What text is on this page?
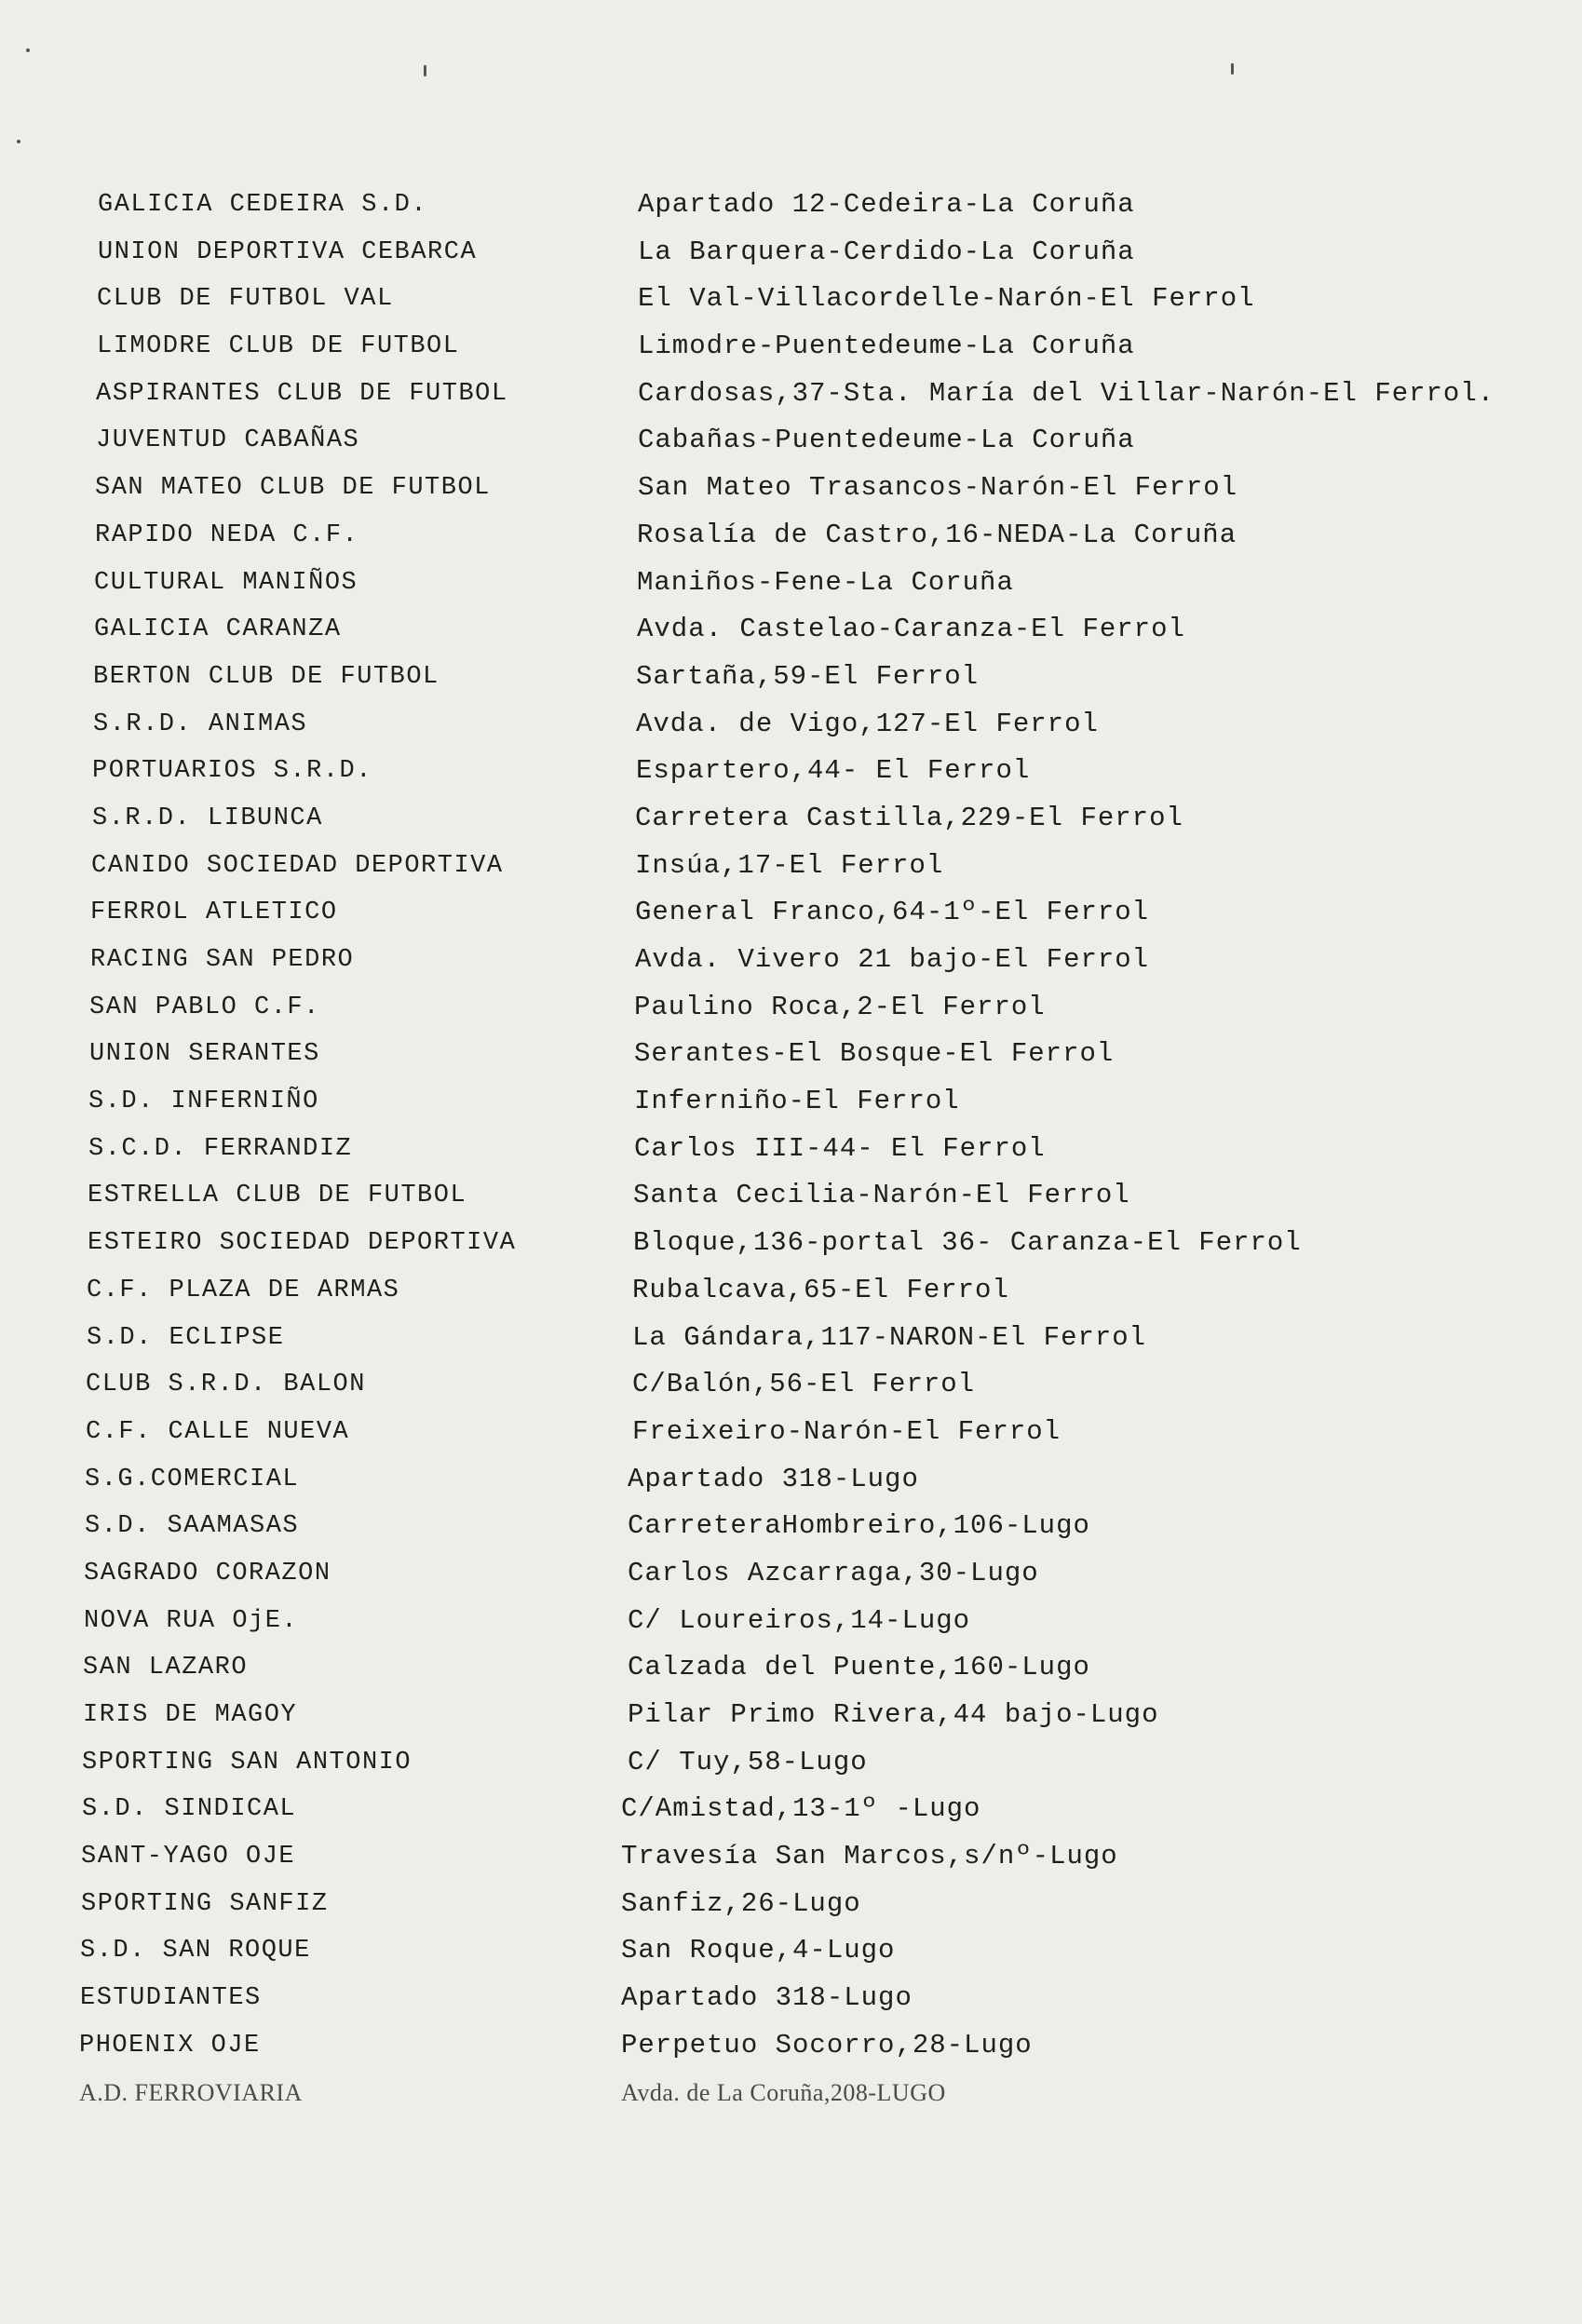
GALICIA CEDEIRA S.D.	Apartado 12-Cedeira-La Coruña
UNION DEPORTIVA CEBARCA	La Barquera-Cerdido-La Coruña
CLUB DE FUTBOL VAL	El Val-Villacordelle-Narón-El Ferrol
LIMODRE CLUB DE FUTBOL	Limodre-Puentedeume-La Coruña
ASPIRANTES CLUB DE FUTBOL	Cardosas,37-Sta. María del Villar-Narón-El Ferrol.
JUVENTUD CABAÑAS	Cabañas-Puentedeume-La Coruña
SAN MATEO CLUB DE FUTBOL	San Mateo Trasancos-Narón-El Ferrol
RAPIDO NEDA C.F.	Rosalía de Castro,16-NEDA-La Coruña
CULTURAL MANIÑOS	Maniños-Fene-La Coruña
GALICIA CARANZA	Avda. Castelao-Caranza-El Ferrol
BERTON CLUB DE FUTBOL	Sartaña,59-El Ferrol
S.R.D. ANIMAS	Avda. de Vigo,127-El Ferrol
PORTUARIOS S.R.D.	Espartero,44- El Ferrol
S.R.D. LIBUNCA	Carretera Castilla,229-El Ferrol
CANIDO SOCIEDAD DEPORTIVA	Insúa,17-El Ferrol
FERROL ATLETICO	General Franco,64-1º-El Ferrol
RACING SAN PEDRO	Avda. Vivero 21 bajo-El Ferrol
SAN PABLO C.F.	Paulino Roca,2-El Ferrol
UNION SERANTES	Serantes-El Bosque-El Ferrol
S.D. INFERNIÑO	Inferniño-El Ferrol
S.C.D. FERRANDIZ	Carlos III-44- El Ferrol
ESTRELLA CLUB DE FUTBOL	Santa Cecilia-Narón-El Ferrol
ESTEIRO SOCIEDAD DEPORTIVA	Bloque,136-portal 36- Caranza-El Ferrol
C.F. PLAZA DE ARMAS	Rubalcava,65-El Ferrol
S.D. ECLIPSE	La Gándara,117-NARON-El Ferrol
CLUB S.R.D. BALON	C/Balón,56-El Ferrol
C.F. CALLE NUEVA	Freixeiro-Narón-El Ferrol
S.G.COMERCIAL	Apartado 318-Lugo
S.D. SAAMASAS	CarreteraHombreiro,106-Lugo
SAGRADO CORAZON	Carlos Azcarraga,30-Lugo
NOVA RUA OjE.	C/ Loureiros,14-Lugo
SAN LAZARO	Calzada del Puente,160-Lugo
IRIS DE MAGOY	Pilar Primo Rivera,44 bajo-Lugo
SPORTING SAN ANTONIO	C/ Tuy,58-Lugo
S.D. SINDICAL	C/Amistad,13-1º -Lugo
SANT-YAGO OJE	Travesía San Marcos,s/nº-Lugo
SPORTING SANFIZ	Sanfiz,26-Lugo
S.D. SAN ROQUE	San Roque,4-Lugo
ESTUDIANTES	Apartado 318-Lugo
PHOENIX OJE	Perpetuo Socorro,28-Lugo
A.D. FERROVIARIA	Avda. de La Coruña,208-LUGO
